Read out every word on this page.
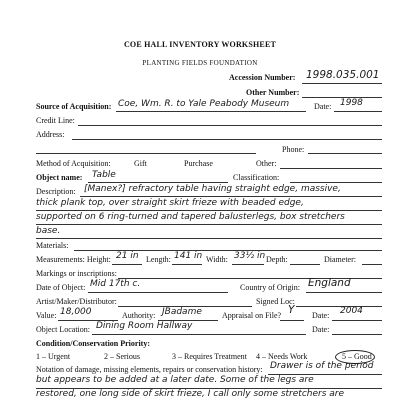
COE HALL INVENTORY WORKSHEET
PLANTING FIELDS FOUNDATION
Accession Number: 1998.035.001
Other Number:
Source of Acquisition: Coe, Wm. R. to Yale Peabody Museum	Date: 1998
Credit Line:
Address:
Phone:
Method of Acquisition:	Gift	Purchase	Other:
Object name: Table	Classification:
Description: [Manex?] refractory table having straight edge, massive,
thick plank top, over straight skirt frieze with beaded edge,
supported on 6 ring-turned and tapered balusterlegs, box stretchers
base.
Materials:
Measurements: Height: 21 in Length: 141 in Width: 33½ in Depth:	Diameter:
Markings or inscriptions:
Date of Object: Mid 17th c.	Country of Origin: England
Artist/Maker/Distributor:	Signed Loc:
Value: 18,000	Authority: JBadame	Appraisal on File? Y Date: 2004
Object Location: Dining Room Hallway	Date:
Condition/Conservation Priority:
1 – Urgent	2 – Serious	3 – Requires Treatment 4 – Needs Work	5 – Good
Notation of damage, missing elements, repairs or conservation history: Drawer is of the period
but appears to be added at a later date. Some of the legs are
restored, one long side of skirt frieze, I call only some stretchers are
